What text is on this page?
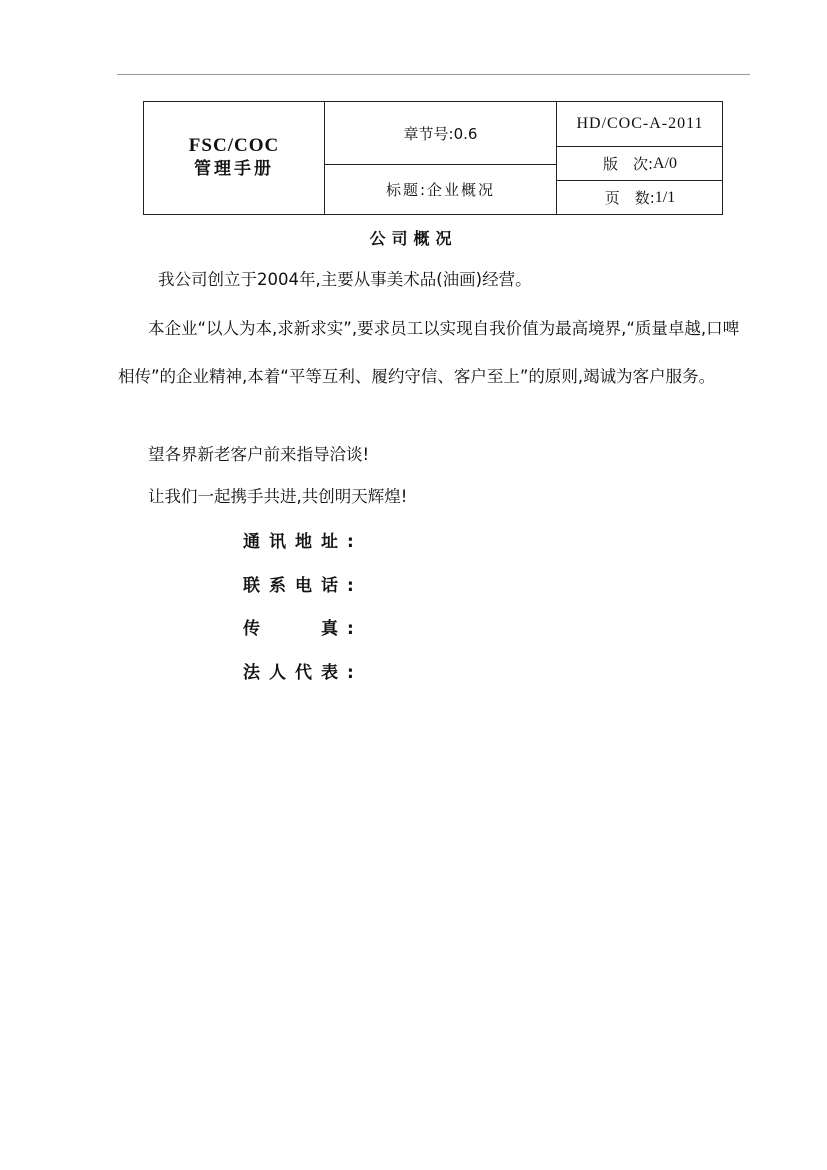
FSC/COC
管理手册
章节号:0.6
标题:企业概况
HD/COC-A-2011
版　次: A/0
页　数: 1/1
公司概况

我公司创立于2004年,主要从事美术品(油画)经营。

本企业“以人为本,求新求实”,要求员工以实现自我价值为最高境界,“质量卓越,口啤相传”的企业精神,本着“平等互利、履约守信、客户至上”的原则,竭诚为客户服务。

望各界新老客户前来指导洽谈!

让我们一起携手共进,共创明天辉煌!

通讯地址:
联系电话:
传　　真:
法人代表:
